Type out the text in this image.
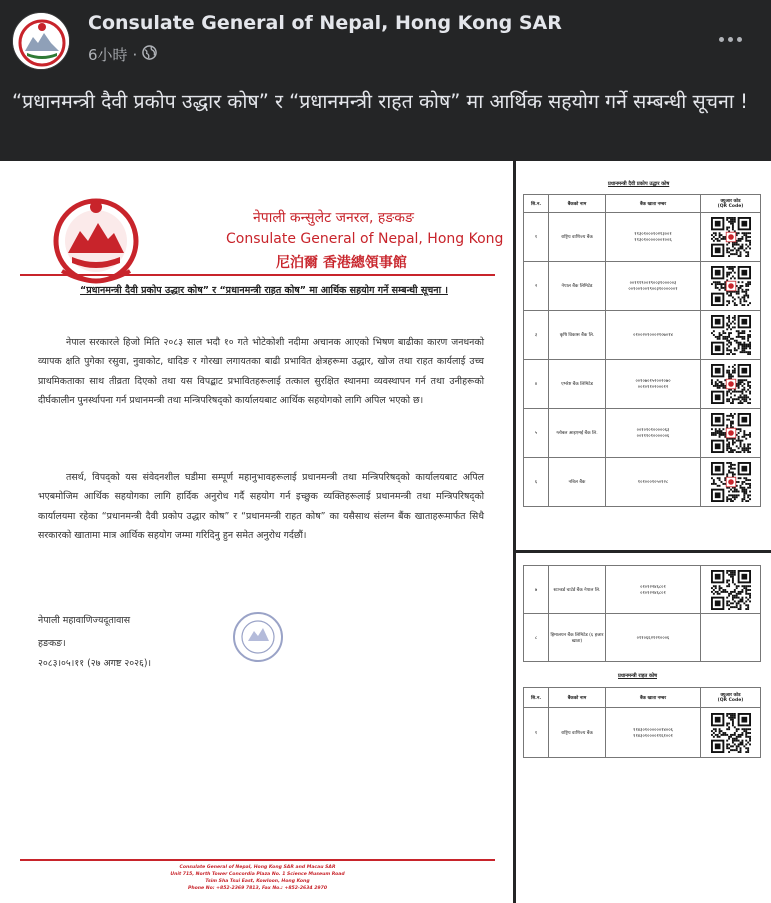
Consulate General of Nepal, Hong Kong SAR
6小時 ·
“प्रधानमन्त्री दैवी प्रकोप उद्धार कोष” र “प्रधानमन्त्री राहत कोष” मा आर्थिक सहयोग गर्ने सम्बन्धी सूचना !
नेपाली कन्सुलेट जनरल, हङकङ
Consulate General of Nepal, Hong Kong
尼泊爾 香港總領事館
“प्रधानमन्त्री दैवी प्रकोप उद्धार कोष” र “प्रधानमन्त्री राहत कोष” मा आर्थिक सहयोग गर्ने सम्बन्धी सूचना ।
नेपाल सरकारले हिजो मिति २०८३ साल भदौ १० गते भोटेकोशी नदीमा अचानक आएको भिषण बाढीका कारण जनधनको व्यापक क्षति पुगेका रसुवा, नुवाकोट, धादिङ र गोरखा लगायतका बाढी प्रभावित क्षेत्रहरूमा उद्धार, खोज तथा राहत कार्यलाई उच्च प्राथमिकताका साथ तीव्रता दिएको तथा यस विपद्बाट प्रभावितहरूलाई तत्काल सुरक्षित स्थानमा व्यवस्थापन गर्न तथा उनीहरूको दीर्घकालीन पुनर्स्थापना गर्न प्रधानमन्त्री तथा मन्त्रिपरिषद्को कार्यालयबाट आर्थिक सहयोगको लागि अपिल भएको छ।
तसर्थ, विपद्को यस संवेदनशील घडीमा सम्पूर्ण महानुभावहरूलाई प्रधानमन्त्री तथा मन्त्रिपरिषद्को कार्यालयबाट अपिल भएबमोजिम आर्थिक सहयोगका लागि हार्दिक अनुरोध गर्दै सहयोग गर्न इच्छुक व्यक्तिहरूलाई प्रधानमन्त्री तथा मन्त्रिपरिषद्को कार्यालयमा रहेका “प्रधानमन्त्री दैवी प्रकोप उद्धार कोष” र “प्रधानमन्त्री राहत कोष” का यसैसाथ संलग्न बैंक खाताहरूमार्फत सिधै सरकारको खातामा मात्र आर्थिक सहयोग जम्मा गरिदिनु हुन समेत अनुरोध गर्दछौं।
नेपाली महावाणिज्यदूतावास
हङकङ।
२०८३।०५।११ (२७ अगष्ट २०२६)।
Consulate General of Nepal, Hong Kong SAR and Macau SAR
Unit 715, North Tower Concordia Plaza No. 1 Science Museum Road
Tsim Sha Tsui East, Kowloon, Hong Kong
Phone No: +852-2369 7813, Fax No.: +852-2634 2970
प्रधानमन्त्री दैवी प्रकोप उद्धार कोष
सि.न.	बैंकको नाम	बैंक खाता नम्बर	क्युआर कोड
(QR Code)

१	राष्ट्रिय वाणिज्य बैंक	११३०१०००१०२१३००१
११३०१०००००००१००६

२	नेपाल बैंक लिमिटेड	००१११९००१९००३१०००००३
००१००१००१९००३१००००००१

३	कृषि विकास बैंक लि.	०१००२०१०००२१०७०१४

४	एभरेष्ट बैंक लिमिटेड	००१०७०१५२००२०७०
००१०११०२०००१२

५	ग्लोबल आइएमई बैंक लि.	००१०१०१०००००६३
००१११०१००००००६

६	नबिल बैंक	१०१०००१०५०१२८

७	स्टान्डर्ड चार्टर्ड बैंक नेपाल लि.	०१०१२२४६८०१
०१०१२२४६८०१

८	हिमालयन बैंक लिमिटेड (६ हजार खाता)	०११०६६२१२१०००६	

प्रधानमन्त्री राहत कोष
सि.न.	बैंकको नाम	बैंक खाता नम्बर	क्युआर कोड
(QR Code)

१	राष्ट्रिय वाणिज्य बैंक	११४३०१००००००१४००६
११४३०१००००११६१००१
